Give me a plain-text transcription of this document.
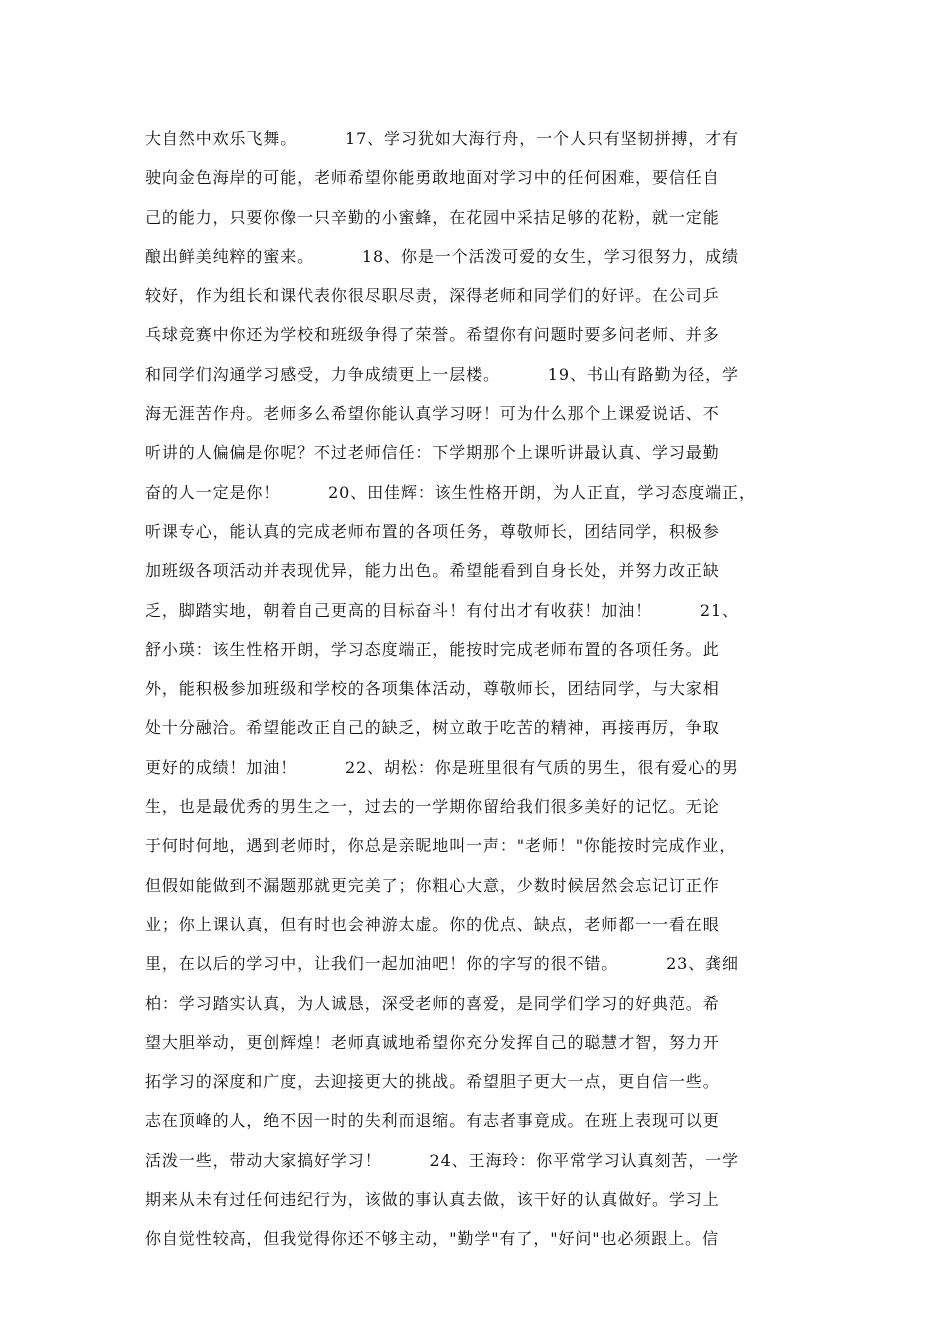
大自然中欢乐飞舞。        17、学习犹如大海行舟，一个人只有坚韧拼搏，才有
驶向金色海岸的可能，老师希望你能勇敢地面对学习中的任何困难，要信任自
己的能力，只要你像一只辛勤的小蜜蜂，在花园中采拮足够的花粉，就一定能
酿出鲜美纯粹的蜜来。        18、你是一个活泼可爱的女生，学习很努力，成绩
较好，作为组长和课代表你很尽职尽责，深得老师和同学们的好评。在公司乒
乓球竞赛中你还为学校和班级争得了荣誉。希望你有问题时要多问老师、并多
和同学们沟通学习感受，力争成绩更上一层楼。        19、书山有路勤为径，学
海无涯苦作舟。老师多么希望你能认真学习呀！可为什么那个上课爱说话、不
听讲的人偏偏是你呢？不过老师信任：下学期那个上课听讲最认真、学习最勤
奋的人一定是你！        20、田佳辉：该生性格开朗，为人正直，学习态度端正，
听课专心，能认真的完成老师布置的各项任务，尊敬师长，团结同学，积极参
加班级各项活动并表现优异，能力出色。希望能看到自身长处，并努力改正缺
乏，脚踏实地，朝着自己更高的目标奋斗！有付出才有收获！加油！        21、
舒小瑛：该生性格开朗，学习态度端正，能按时完成老师布置的各项任务。此
外，能积极参加班级和学校的各项集体活动，尊敬师长，团结同学，与大家相
处十分融洽。希望能改正自己的缺乏，树立敢于吃苦的精神，再接再厉，争取
更好的成绩！加油！        22、胡松：你是班里很有气质的男生，很有爱心的男
生，也是最优秀的男生之一，过去的一学期你留给我们很多美好的记忆。无论
于何时何地，遇到老师时，你总是亲昵地叫一声："老师！"你能按时完成作业，
但假如能做到不漏题那就更完美了；你粗心大意，少数时候居然会忘记订正作
业；你上课认真，但有时也会神游太虚。你的优点、缺点，老师都一一看在眼
里，在以后的学习中，让我们一起加油吧！你的字写的很不错。        23、龚细
柏：学习踏实认真，为人诚恳，深受老师的喜爱，是同学们学习的好典范。希
望大胆举动，更创辉煌！老师真诚地希望你充分发挥自己的聪慧才智，努力开
拓学习的深度和广度，去迎接更大的挑战。希望胆子更大一点，更自信一些。
志在顶峰的人，绝不因一时的失利而退缩。有志者事竟成。在班上表现可以更
活泼一些，带动大家搞好学习！        24、王海玲：你平常学习认真刻苦，一学
期来从未有过任何违纪行为，该做的事认真去做，该干好的认真做好。学习上
你自觉性较高，但我觉得你还不够主动，"勤学"有了，"好问"也必须跟上。信
